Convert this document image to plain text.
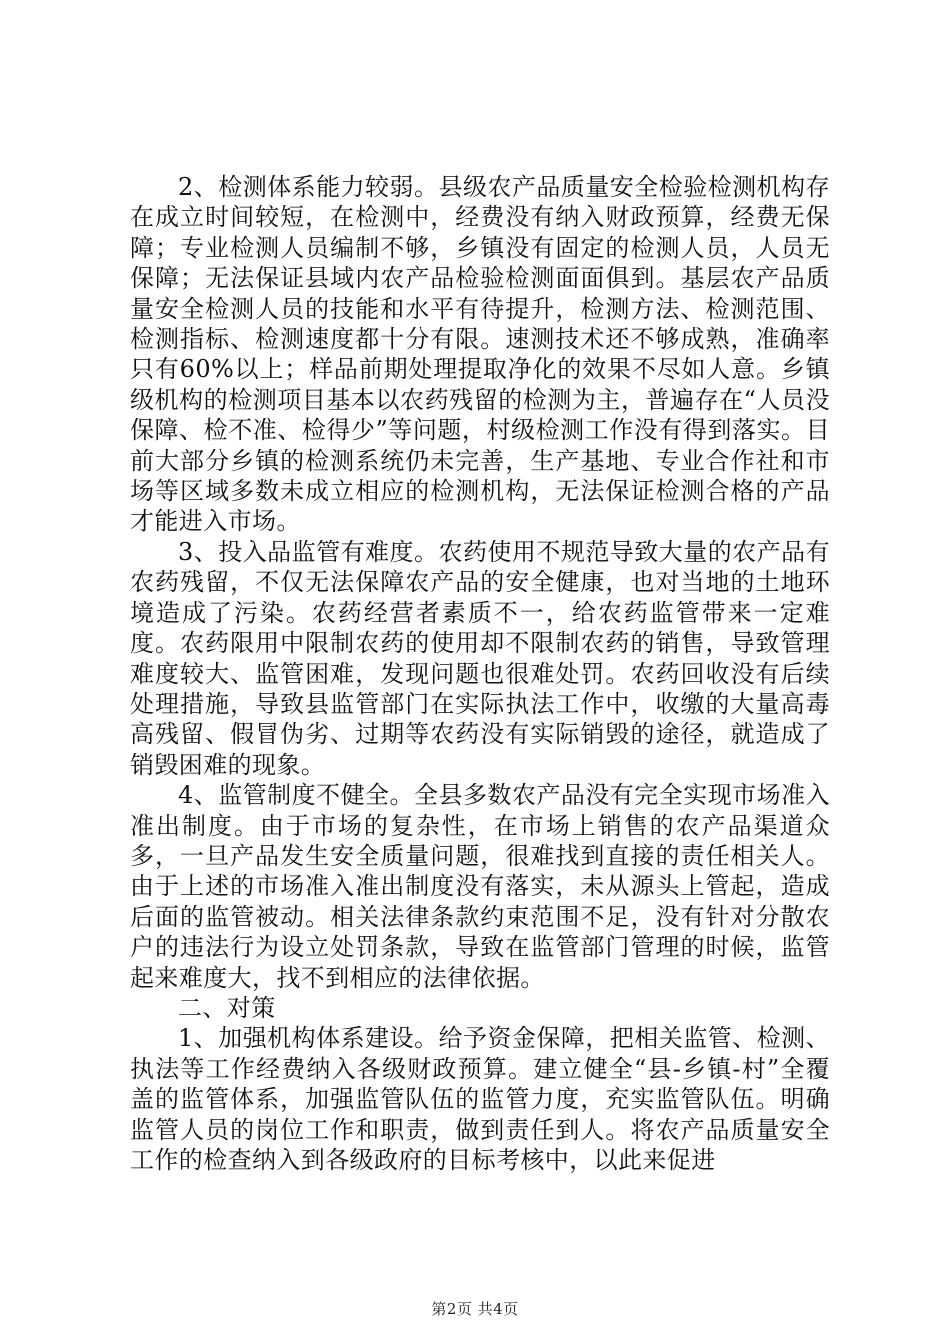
2、检测体系能力较弱。县级农产品质量安全检验检测机构存在成立时间较短，在检测中，经费没有纳入财政预算，经费无保障；专业检测人员编制不够，乡镇没有固定的检测人员，人员无保障；无法保证县域内农产品检验检测面面俱到。基层农产品质量安全检测人员的技能和水平有待提升，检测方法、检测范围、检测指标、检测速度都十分有限。速测技术还不够成熟，准确率只有60%以上；样品前期处理提取净化的效果不尽如人意。乡镇级机构的检测项目基本以农药残留的检测为主，普遍存在“人员没保障、检不准、检得少”等问题，村级检测工作没有得到落实。目前大部分乡镇的检测系统仍未完善，生产基地、专业合作社和市场等区域多数未成立相应的检测机构，无法保证检测合格的产品才能进入市场。

3、投入品监管有难度。农药使用不规范导致大量的农产品有农药残留，不仅无法保障农产品的安全健康，也对当地的土地环境造成了污染。农药经营者素质不一，给农药监管带来一定难度。农药限用中限制农药的使用却不限制农药的销售，导致管理难度较大、监管困难，发现问题也很难处罚。农药回收没有后续处理措施，导致县监管部门在实际执法工作中，收缴的大量高毒高残留、假冒伪劣、过期等农药没有实际销毁的途径，就造成了销毁困难的现象。

4、监管制度不健全。全县多数农产品没有完全实现市场准入准出制度。由于市场的复杂性，在市场上销售的农产品渠道众多，一旦产品发生安全质量问题，很难找到直接的责任相关人。由于上述的市场准入准出制度没有落实，未从源头上管起，造成后面的监管被动。相关法律条款约束范围不足，没有针对分散农户的违法行为设立处罚条款，导致在监管部门管理的时候，监管起来难度大，找不到相应的法律依据。

二、对策

1、加强机构体系建设。给予资金保障，把相关监管、检测、执法等工作经费纳入各级财政预算。建立健全“县-乡镇-村”全覆盖的监管体系，加强监管队伍的监管力度，充实监管队伍。明确监管人员的岗位工作和职责，做到责任到人。将农产品质量安全工作的检查纳入到各级政府的目标考核中，以此来促进

第2页 共4页
